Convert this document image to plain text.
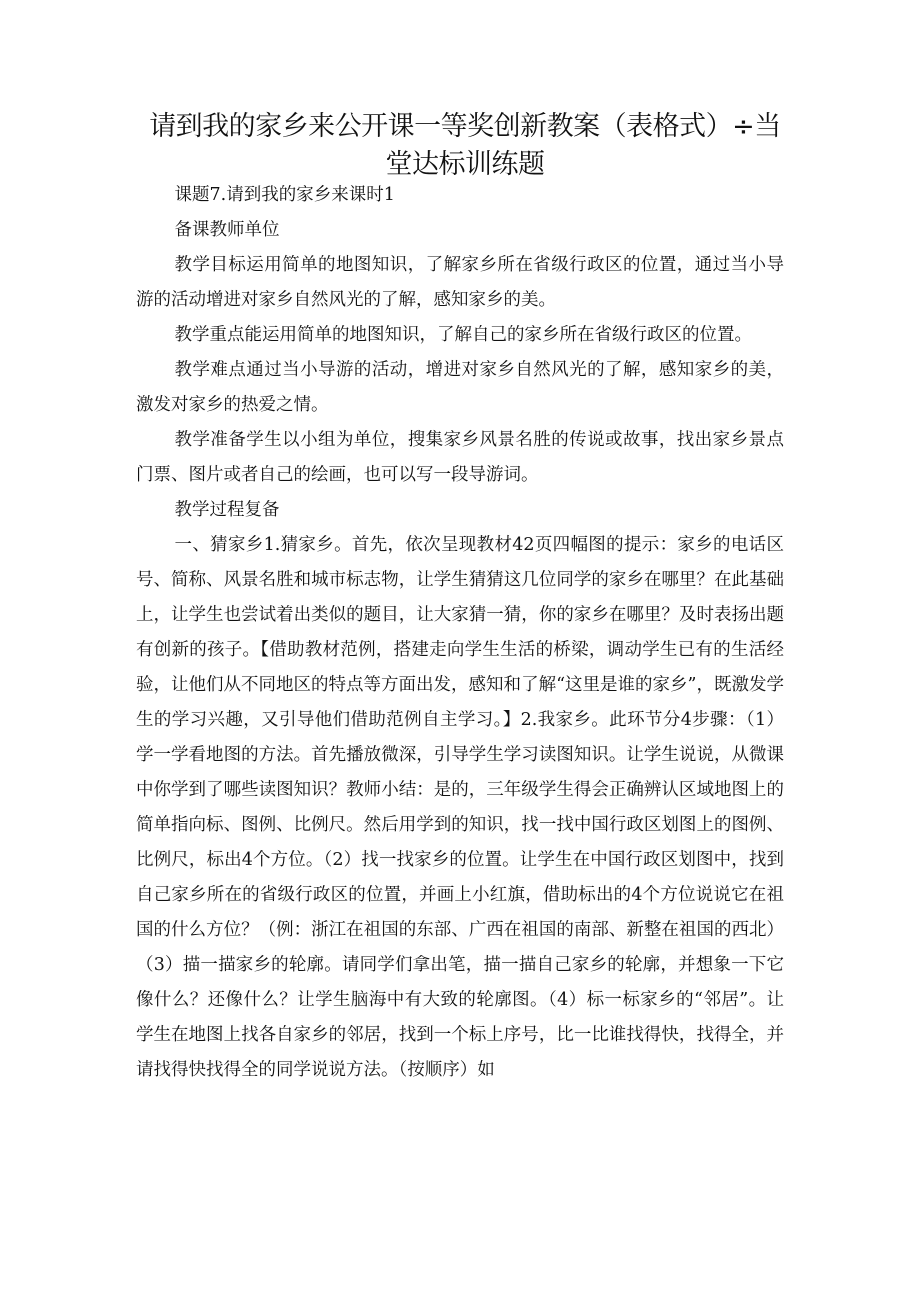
请到我的家乡来公开课一等奖创新教案（表格式）÷当堂达标训练题

课题7.请到我的家乡来课时1

备课教师单位

教学目标运用简单的地图知识，了解家乡所在省级行政区的位置，通过当小导游的活动增进对家乡自然风光的了解，感知家乡的美。

教学重点能运用简单的地图知识，了解自己的家乡所在省级行政区的位置。

教学难点通过当小导游的活动，增进对家乡自然风光的了解，感知家乡的美，激发对家乡的热爱之情。

教学准备学生以小组为单位，搜集家乡风景名胜的传说或故事，找出家乡景点门票、图片或者自己的绘画，也可以写一段导游词。

教学过程复备

一、猜家乡1.猜家乡。首先，依次呈现教材42页四幅图的提示：家乡的电话区号、简称、风景名胜和城市标志物，让学生猜猜这几位同学的家乡在哪里？在此基础上，让学生也尝试着出类似的题目，让大家猜一猜，你的家乡在哪里？及时表扬出题有创新的孩子。【借助教材范例，搭建走向学生生活的桥梁，调动学生已有的生活经验，让他们从不同地区的特点等方面出发，感知和了解“这里是谁的家乡”，既激发学生的学习兴趣，又引导他们借助范例自主学习。】2.我家乡。此环节分4步骤：（1）学一学看地图的方法。首先播放微深，引导学生学习读图知识。让学生说说，从微课中你学到了哪些读图知识？教师小结：是的，三年级学生得会正确辨认区域地图上的简单指向标、图例、比例尺。然后用学到的知识，找一找中国行政区划图上的图例、比例尺，标出4个方位。（2）找一找家乡的位置。让学生在中国行政区划图中，找到自己家乡所在的省级行政区的位置，并画上小红旗，借助标出的4个方位说说它在祖国的什么方位？（例：浙江在祖国的东部、广西在祖国的南部、新整在祖国的西北）（3）描一描家乡的轮廓。请同学们拿出笔，描一描自己家乡的轮廓，并想象一下它像什么？还像什么？让学生脑海中有大致的轮廓图。（4）标一标家乡的“邻居”。让学生在地图上找各自家乡的邻居，找到一个标上序号，比一比谁找得快，找得全，并请找得快找得全的同学说说方法。（按顺序）如
